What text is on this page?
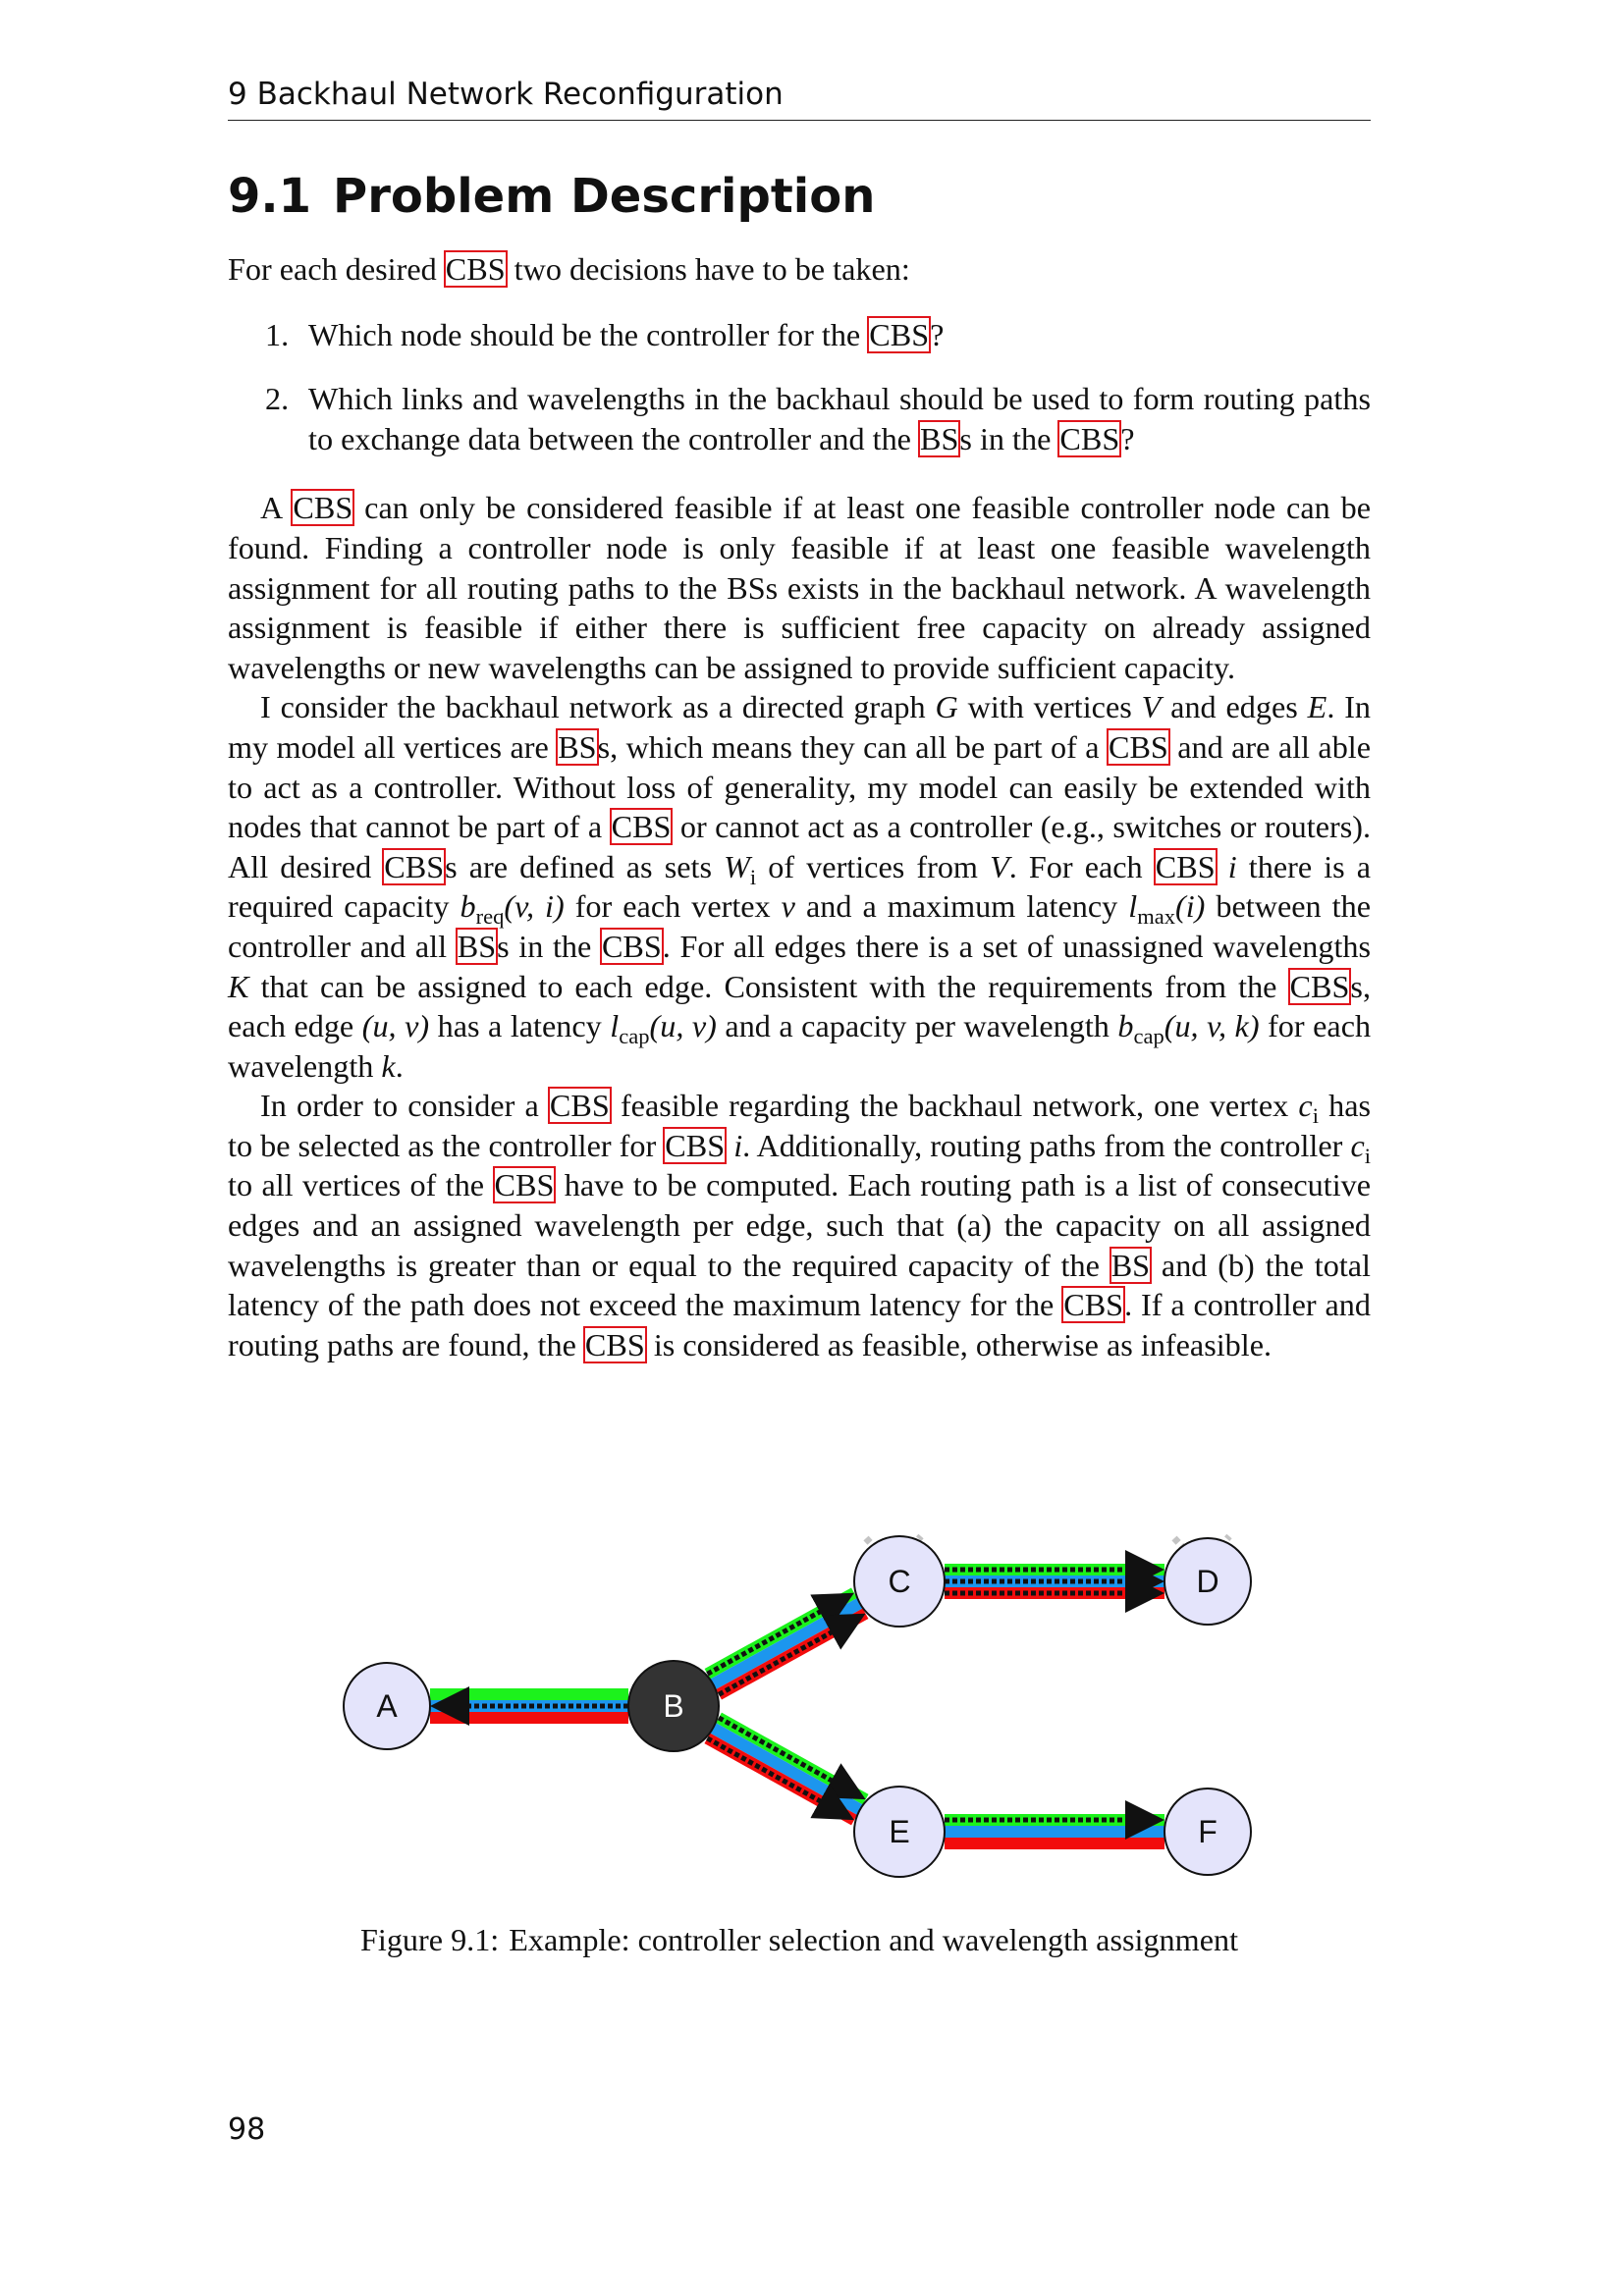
9 Backhaul Network Reconfiguration
9.1 Problem Description

For each desired CBS two decisions have to be taken:

1. Which node should be the controller for the CBS?
2. Which links and wavelengths in the backhaul should be used to form routing paths to exchange data between the controller and the BSs in the CBS?

A CBS can only be considered feasible if at least one feasible controller node can be found. Finding a controller node is only feasible if at least one feasible wavelength assignment for all routing paths to the BSs exists in the backhaul network. A wavelength assignment is feasible if either there is sufficient free capacity on already assigned wavelengths or new wavelengths can be assigned to provide sufficient capacity.

I consider the backhaul network as a directed graph G with vertices V and edges E. In my model all vertices are BSs, which means they can all be part of a CBS and are all able to act as a controller. Without loss of generality, my model can easily be extended with nodes that cannot be part of a CBS or cannot act as a controller (e.g., switches or routers). All desired CBSs are defined as sets $W_i$ of vertices from V. For each CBS i there is a required capacity $b_{req}(v$, i) for each vertex v and a maximum latency $l_{max}(i)$ between the controller and all BSs in the CBS. For all edges there is a set of unassigned wavelengths K that can be assigned to each edge. Consistent with the requirements from the CBSs, each edge (u, v) has a latency $l_{cap}(u$, v) and a capacity per wavelength $b_{cap}(u$, v, k) for each wavelength k.

In order to consider a CBS feasible regarding the backhaul network, one vertex $c_i$ has to be selected as the controller for CBS i. Additionally, routing paths from the controller $c_i$ to all vertices of the CBS have to be computed. Each routing path is a list of consecutive edges and an assigned wavelength per edge, such that (a) the capacity on all assigned wavelengths is greater than or equal to the required capacity of the BS and (b) the total latency of the path does not exceed the maximum latency for the CBS. If a controller and routing paths are found, the CBS is considered as feasible, otherwise as infeasible.

A	B
C	D
E	F
Figure 9.1: Example: controller selection and wavelength assignment
98
